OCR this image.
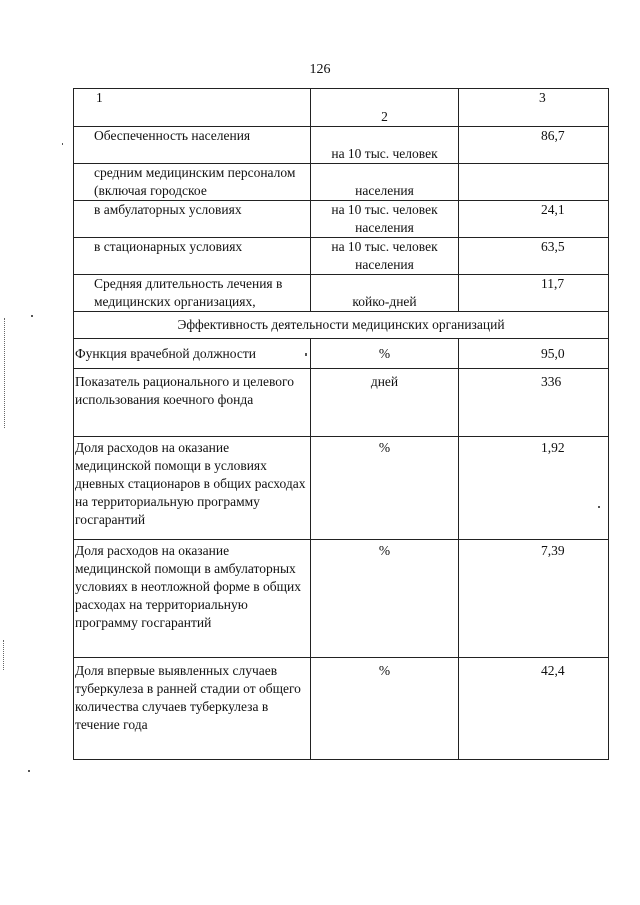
126
1	2	3
Обеспеченность населения	на 10 тыс. человек	86,7
средним медицинским персоналом (включая городское	населения	
в амбулаторных условиях	на 10 тыс. человек населения	24,1
в стационарных условиях	на 10 тыс. человек населения	63,5
Средняя длительность лечения в медицинских организациях,	койко-дней	11,7
Эффективность деятельности медицинских организаций		
Функция врачебной должности	%	95,0
Показатель рационального и целевого использования коечного фонда	дней	336
Доля расходов на оказание медицинской помощи в условиях дневных стационаров в общих расходах на территориальную программу госгарантий	%	1,92
Доля расходов на оказание медицинской помощи в амбулаторных условиях в неотложной форме в общих расходах на территориальную программу госгарантий	%	7,39
Доля впервые выявленных случаев туберкулеза в ранней стадии от общего количества случаев туберкулеза в течение года	%	42,4
